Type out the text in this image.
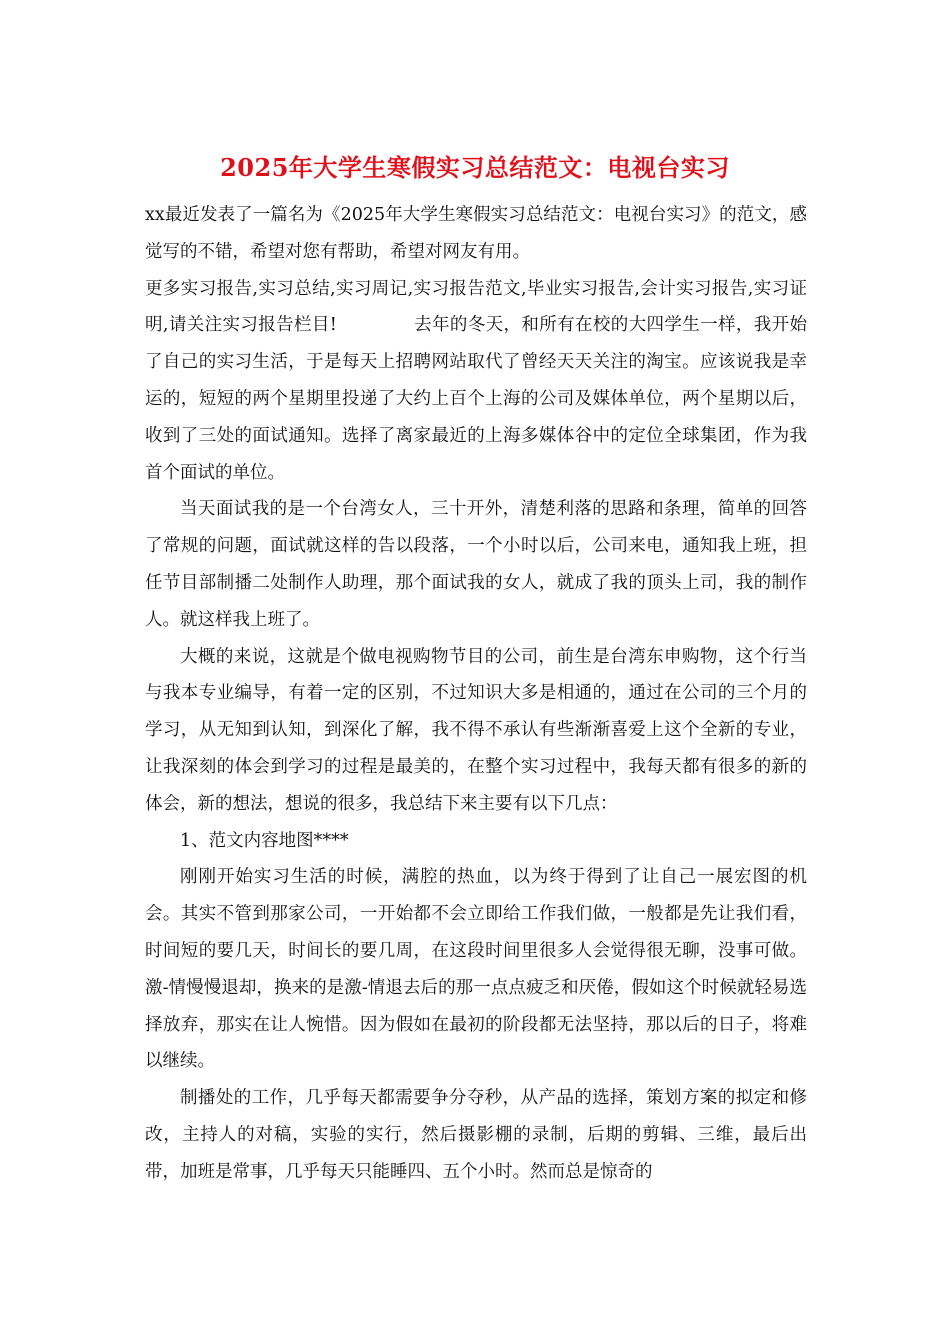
2025年大学生寒假实习总结范文：电视台实习

xx最近发表了一篇名为《2025年大学生寒假实习总结范文：电视台实习》的范文，感觉写的不错，希望对您有帮助，希望对网友有用。

更多实习报告,实习总结,实习周记,实习报告范文,毕业实习报告,会计实习报告,实习证明,请关注实习报告栏目!	去年的冬天，和所有在校的大四学生一样，我开始了自己的实习生活，于是每天上招聘网站取代了曾经天天关注的淘宝。应该说我是幸运的，短短的两个星期里投递了大约上百个上海的公司及媒体单位，两个星期以后，收到了三处的面试通知。选择了离家最近的上海多媒体谷中的定位全球集团，作为我首个面试的单位。

当天面试我的是一个台湾女人，三十开外，清楚利落的思路和条理，简单的回答了常规的问题，面试就这样的告以段落，一个小时以后，公司来电，通知我上班，担任节目部制播二处制作人助理，那个面试我的女人，就成了我的顶头上司，我的制作人。就这样我上班了。

大概的来说，这就是个做电视购物节目的公司，前生是台湾东申购物，这个行当与我本专业编导，有着一定的区别，不过知识大多是相通的，通过在公司的三个月的学习，从无知到认知，到深化了解，我不得不承认有些渐渐喜爱上这个全新的专业，让我深刻的体会到学习的过程是最美的，在整个实习过程中，我每天都有很多的新的体会，新的想法，想说的很多，我总结下来主要有以下几点：

1、范文内容地图****

刚刚开始实习生活的时候，满腔的热血，以为终于得到了让自己一展宏图的机会。其实不管到那家公司，一开始都不会立即给工作我们做，一般都是先让我们看，时间短的要几天，时间长的要几周，在这段时间里很多人会觉得很无聊，没事可做。激-情慢慢退却，换来的是激-情退去后的那一点点疲乏和厌倦，假如这个时候就轻易选择放弃，那实在让人惋惜。因为假如在最初的阶段都无法坚持，那以后的日子，将难以继续。

制播处的工作，几乎每天都需要争分夺秒，从产品的选择，策划方案的拟定和修改，主持人的对稿，实验的实行，然后摄影棚的录制，后期的剪辑、三维，最后出带，加班是常事，几乎每天只能睡四、五个小时。然而总是惊奇的
